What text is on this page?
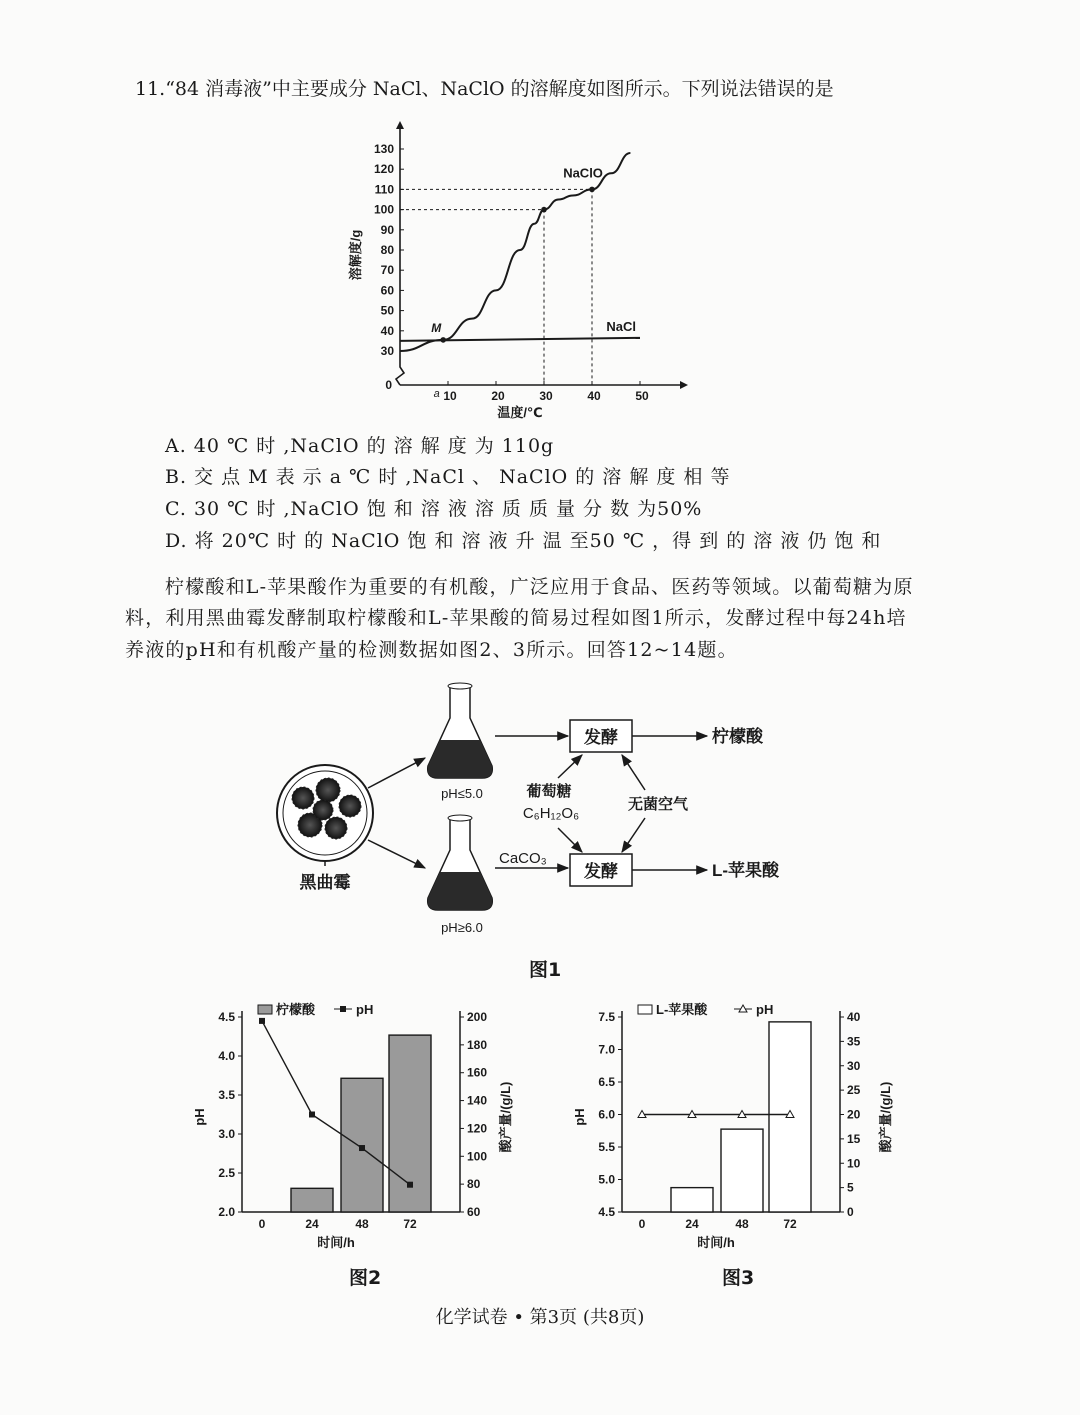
11.“84 消毒液”中主要成分 NaCl、NaClO 的溶解度如图所示。下列说法错误的是
30
40
50
60
70
80
90
100
110
120
130
10	20	30	40	50
0
a
温度/℃
溶解度/g
M
NaClO
NaCl
A. 40 ℃ 时 ,NaClO 的 溶 解 度 为 110g
B. 交 点 M 表 示 a ℃ 时 ,NaCl 、 NaClO 的 溶 解 度 相 等
C. 30 ℃ 时 ,NaClO 饱 和 溶 液 溶 质 质 量 分 数 为50%
D. 将 20℃ 时 的 NaClO 饱 和 溶 液 升 温 至50 ℃ ，得 到 的 溶 液 仍 饱 和
柠檬酸和L-苹果酸作为重要的有机酸，广泛应用于食品、医药等领域。以葡萄糖为原
料，利用黑曲霉发酵制取柠檬酸和L-苹果酸的简易过程如图1所示，发酵过程中每24h培
养液的pH和有机酸产量的检测数据如图2、3所示。回答12~14题。
黑曲霉
pH≤5.0
pH≥6.0
发酵	柠檬酸
CaCO₃
发酵	L-苹果酸
葡萄糖
C₆H₁₂O₆
无菌空气
图1
2.0
2.5
3.0
3.5
4.0
4.5
60
80
100
120
140
160
180
200
0	24	48	72
时间/h
pH	酸产量/(g/L)
柠檬酸	pH
4.5
5.0
5.5
6.0
6.5
7.0
7.5
0
5
10
15
20
25
30
35
40
0	24	48	72
时间/h
pH	酸产量/(g/L)
L-苹果酸	pH
图2	图3
化学试卷 • 第3页 (共8页)
